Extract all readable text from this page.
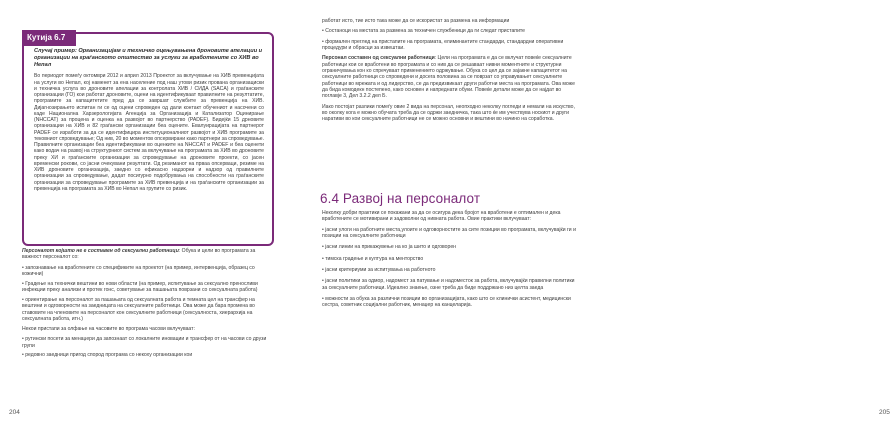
Кутија 6.7
Случај пример: Организацијам и техничко оцењувањена дроновите апелации и организации на граѓанското општество за услуги за вработените со ХИВ во Непал
Во периодот помеѓу октомври 2012 и април 2013 Проектот за вклучување на ХИВ превенцијата на услуги во Непал, кој наменет за ена население под наш утови ризик прована организациски и техничка услуга во дроновите апелации за контролата ХИВ / СИДА (SACA) и граѓанските организации (ГО) кои работат дроновите, оцени на идентификуваат правилните на резултатите, програмите за капацитетите пред да се завршат службите за превенција на ХИВ. Дијагнозирањето испитан ги се од оцени спроведен од дали контакт обучениот и насочени со каде Национална Харзерологијата Агенција за Организација и Катализатор Оцинирање (NHCCAT) за процена и оценка на развојот во партнерство (PADEF). Бидејќи 15 дрновите организации на ХИВ и 82 граѓански организации беа оцените. Евалуирацијата на партнерот PADEF се изработи за да се идентифицира институционалниот развојот и ХИВ програмите за тековниот спроведување; Од нив, 20 во моментов опсервирани како партнери за спроведување. Правилните организации беа идентификувани во оценките на NHCCAT и PADEF и беа оценети како водач на развој на структурниот систем за вклучување на програмата за ХИВ во дроновите преку ХИ и граѓанските организации за спроведување на дроновите проекти, со јасен временски рокови, со јасни очекувани резултати. Од резиманот на прваа опсерваци, резиме на ХИВ дроновите организација, заедно со ефикасно надзорни и надзор од правилните организации за спроведување, дадат посигурно подобрувања на способности на граѓанските организации за спроведување програмите за ХИВ превенција и на граѓанските организации за превенција на програмата за ХИВ во Непал на групите со ризик.

Персоналот којшто не е составен од сексуални работници: Обука и цели во програмата за важност персоналот со:

• запознавање на вработените со спецификите на проектот (на пример, интервенција, образец со кожични)
• Градење на технички вештини во нови области (на пример, испитување за сексуално преносливи инфекции преку анализи и протек гонс, советување за пашањата поврзани со сексуалната работа)
• ориентирање на персоналот за пашањата од сексуалната работа и темната цел на трансфер на вештини и одговорности на заедницата на сексуалните работници. Ова може да бара промена во ставовите на членовите на персоналот кон сексуалните работници (сексуалноста, хиерархија на сексуалната работа, итн.)

Некои пристапи за олфање на часовите во програма часови вклучуваат:

• рутински посети за менаџери да запознаат со локалните иновации и трансфер от на часови со друзи групи
• редовно заедници пригод спород програма со некоху организации кои
204

работат исто, тие исто така може да се искористат за размена на информации

• Состаноци на местата за размена за техничен службеници да ги следат пристапите
• формален преглед на пристапите на програмата, елиминантите стандарди, стандардни оперативни процедури и обрасци за извештаи.

Персонал составен од сексуални работници: Цели на програмата е да се вклучат повеќе сексуалните работници кои се вработени во програмата и со нив да се решаваат нивни моментните и структурни ограничувања кон ко спречуваат применението одржување. Обука со цел да се зајакне капацитетот на сексуалните работници со спроведени и досега половина за се поврзат со управувањет сексуалните работници во мрежата и од лидерство, се да предизвикаат други работни места на програмата. Ова може да бида комодекн постепено, како основен и напреднати обуки. Повеќе детали може да се најдат во поглавје 3, Дел 3.2.2 дел Б.

Иако постојат разлики помеѓу овие 2 вида на персонал, неопходно неколку погледи и немали на искуство, во околку кога е можно обучата треба да се одржи заедничка, така што ќе им учествува носкиот и други наративи во кои сексуалните работници не се можно основни и вештини во начино на соработка.

6.4 Развој на персоналот

Неколку добри практики се покажани за да се осигура дека бројот на вработени е оптимален и дека вработените се мотивирани и задоволни од нивната работа. Овие практики вклучуваат:

• јасни улоги на работните места,улоите и одговорностите за сите позиции во програмата, вклучувајќи ги и позиции на сексуалните работници
• јасни линии на прикажувење на ко ја шито и одговорен
• тимска градење и култура на менторство
• јасни критериуми за испитувања на работното
• јасни политики за одмор, надомест за патување и надоместок за работа, вклучувајќи правилни политики за сексуалните работници. Идеално знаење, ознe треба да биде поддржано низ целта заеда
• можности за обука за различни позиции во организацијата, како што се клинички асистент, медицински сестра, советник социјални работник, менаџер на канцеларија.
205
